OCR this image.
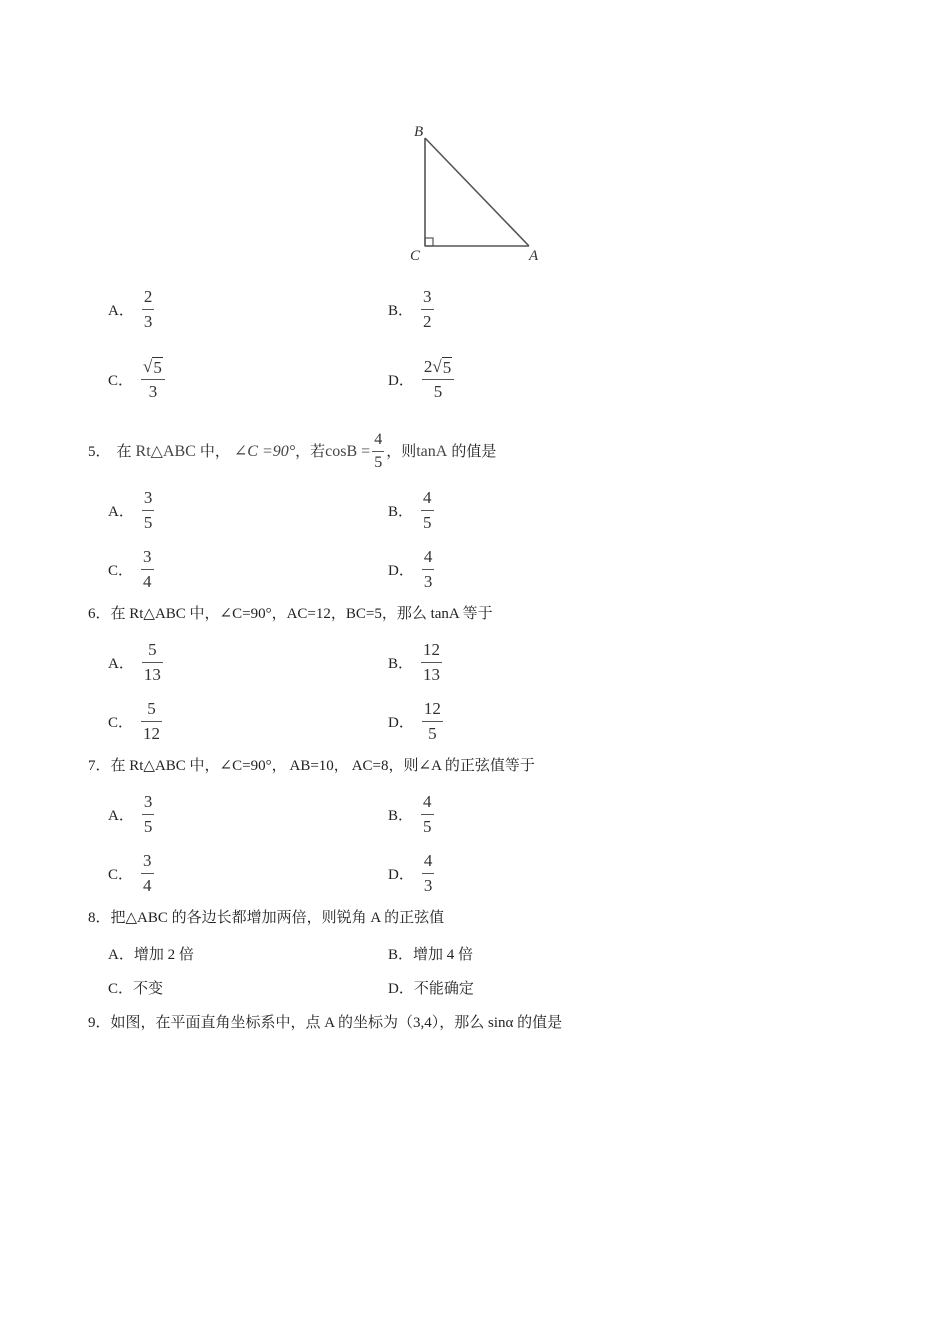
B
C	A
A． $\frac{2}{3}$	B． $\frac{3}{2}$
C． $\frac{√ 5}{3}$	D． $\frac{2 √ 5}{5}$
5． 在 Rt△ABC 中， ∠C =90° ，若 $\cos B = \frac{4}{5}$ ，则 tanA 的值是
A． $\frac{3}{5}$	B． $\frac{4}{5}$
C． $\frac{3}{4}$	D． $\frac{4}{3}$
6．在 Rt△ABC 中，∠C=90°，AC=12，BC=5，那么 tanA 等于
A． $\frac{5}{13}$	B． $\frac{12}{13}$
C． $\frac{5}{12}$	D． $\frac{12}{5}$
7．在 Rt△ABC 中，∠C=90°， AB=10， AC=8，则∠A 的正弦值等于
A． $\frac{3}{5}$	B． $\frac{4}{5}$
C． $\frac{3}{4}$	D． $\frac{4}{3}$
8．把△ABC 的各边长都增加两倍，则锐角 A 的正弦值
A．增加 2 倍	B．增加 4 倍
C．不变	D．不能确定
9．如图，在平面直角坐标系中，点 A 的坐标为（3,4），那么 sinα 的值是
